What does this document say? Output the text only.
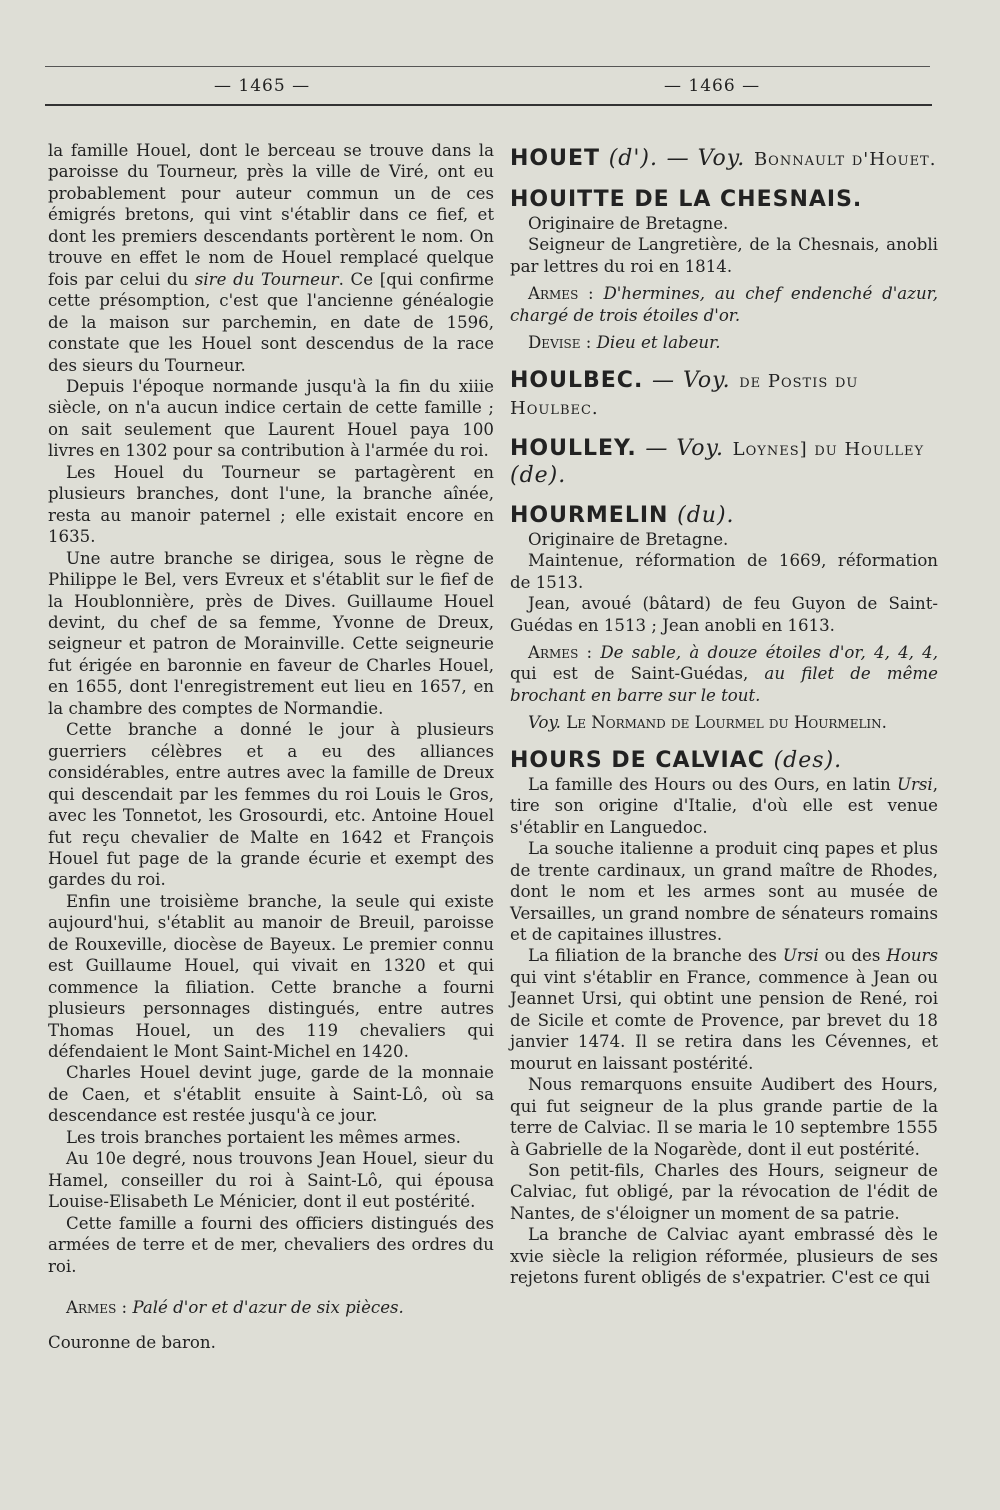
— 1465 —	— 1466 —

la famille Houel, dont le berceau se trouve dans la paroisse du Tourneur, près la ville de Viré, ont eu probablement pour auteur commun un de ces émigrés bretons, qui vint s'établir dans ce fief, et dont les premiers descendants portèrent le nom. On trouve en effet le nom de Houel remplacé quelque fois par celui du sire du Tourneur. Ce [qui confirme cette présomption, c'est que l'ancienne généalogie de la maison sur parchemin, en date de 1596, constate que les Houel sont descendus de la race des sieurs du Tourneur.

Depuis l'époque normande jusqu'à la fin du xiiie siècle, on n'a aucun indice certain de cette famille ; on sait seulement que Laurent Houel paya 100 livres en 1302 pour sa contribution à l'armée du roi.

Les Houel du Tourneur se partagèrent en plusieurs branches, dont l'une, la branche aînée, resta au manoir paternel ; elle existait encore en 1635.

Une autre branche se dirigea, sous le règne de Philippe le Bel, vers Evreux et s'établit sur le fief de la Houblonnière, près de Dives. Guillaume Houel devint, du chef de sa femme, Yvonne de Dreux, seigneur et patron de Morainville. Cette seigneurie fut érigée en baronnie en faveur de Charles Houel, en 1655, dont l'enregistrement eut lieu en 1657, en la chambre des comptes de Normandie.

Cette branche a donné le jour à plusieurs guerriers célèbres et a eu des alliances considérables, entre autres avec la famille de Dreux qui descendait par les femmes du roi Louis le Gros, avec les Tonnetot, les Grosourdi, etc. Antoine Houel fut reçu chevalier de Malte en 1642 et François Houel fut page de la grande écurie et exempt des gardes du roi.

Enfin une troisième branche, la seule qui existe aujourd'hui, s'établit au manoir de Breuil, paroisse de Rouxeville, diocèse de Bayeux. Le premier connu est Guillaume Houel, qui vivait en 1320 et qui commence la filiation. Cette branche a fourni plusieurs personnages distingués, entre autres Thomas Houel, un des 119 chevaliers qui défendaient le Mont Saint-Michel en 1420.

Charles Houel devint juge, garde de la monnaie de Caen, et s'établit ensuite à Saint-Lô, où sa descendance est restée jusqu'à ce jour.

Les trois branches portaient les mêmes armes.

Au 10e degré, nous trouvons Jean Houel, sieur du Hamel, conseiller du roi à Saint-Lô, qui épousa Louise-Elisabeth Le Ménicier, dont il eut postérité.

Cette famille a fourni des officiers distingués des armées de terre et de mer, chevaliers des ordres du roi.

Armes : Palé d'or et d'azur de six pièces.

Couronne de baron.

HOUET (d'). — Voy. Bonnault d'Houet.
HOUITTE DE LA CHESNAIS.

Originaire de Bretagne.

Seigneur de Langretière, de la Chesnais, anobli par lettres du roi en 1814.

Armes : D'hermines, au chef endenché d'azur, chargé de trois étoiles d'or.

Devise : Dieu et labeur.

HOULBEC. — Voy. de Postis du Houlbec.
HOULLEY. — Voy. Loynes] du Houlley (de).
HOURMELIN (du).

Originaire de Bretagne.

Maintenue, réformation de 1669, réformation de 1513.

Jean, avoué (bâtard) de feu Guyon de Saint-Guédas en 1513 ; Jean anobli en 1613.

Armes : De sable, à douze étoiles d'or, 4, 4, 4, qui est de Saint-Guédas, au filet de même brochant en barre sur le tout.

Voy. Le Normand de Lourmel du Hourmelin.

HOURS DE CALVIAC (des).

La famille des Hours ou des Ours, en latin Ursi, tire son origine d'Italie, d'où elle est venue s'établir en Languedoc.

La souche italienne a produit cinq papes et plus de trente cardinaux, un grand maître de Rhodes, dont le nom et les armes sont au musée de Versailles, un grand nombre de sénateurs romains et de capitaines illustres.

La filiation de la branche des Ursi ou des Hours qui vint s'établir en France, commence à Jean ou Jeannet Ursi, qui obtint une pension de René, roi de Sicile et comte de Provence, par brevet du 18 janvier 1474. Il se retira dans les Cévennes, et mourut en laissant postérité.

Nous remarquons ensuite Audibert des Hours, qui fut seigneur de la plus grande partie de la terre de Calviac. Il se maria le 10 septembre 1555 à Gabrielle de la Nogarède, dont il eut postérité.

Son petit-fils, Charles des Hours, seigneur de Calviac, fut obligé, par la révocation de l'édit de Nantes, de s'éloigner un moment de sa patrie.

La branche de Calviac ayant embrassé dès le xvie siècle la religion réformée, plusieurs de ses rejetons furent obligés de s'expatrier. C'est ce qui
